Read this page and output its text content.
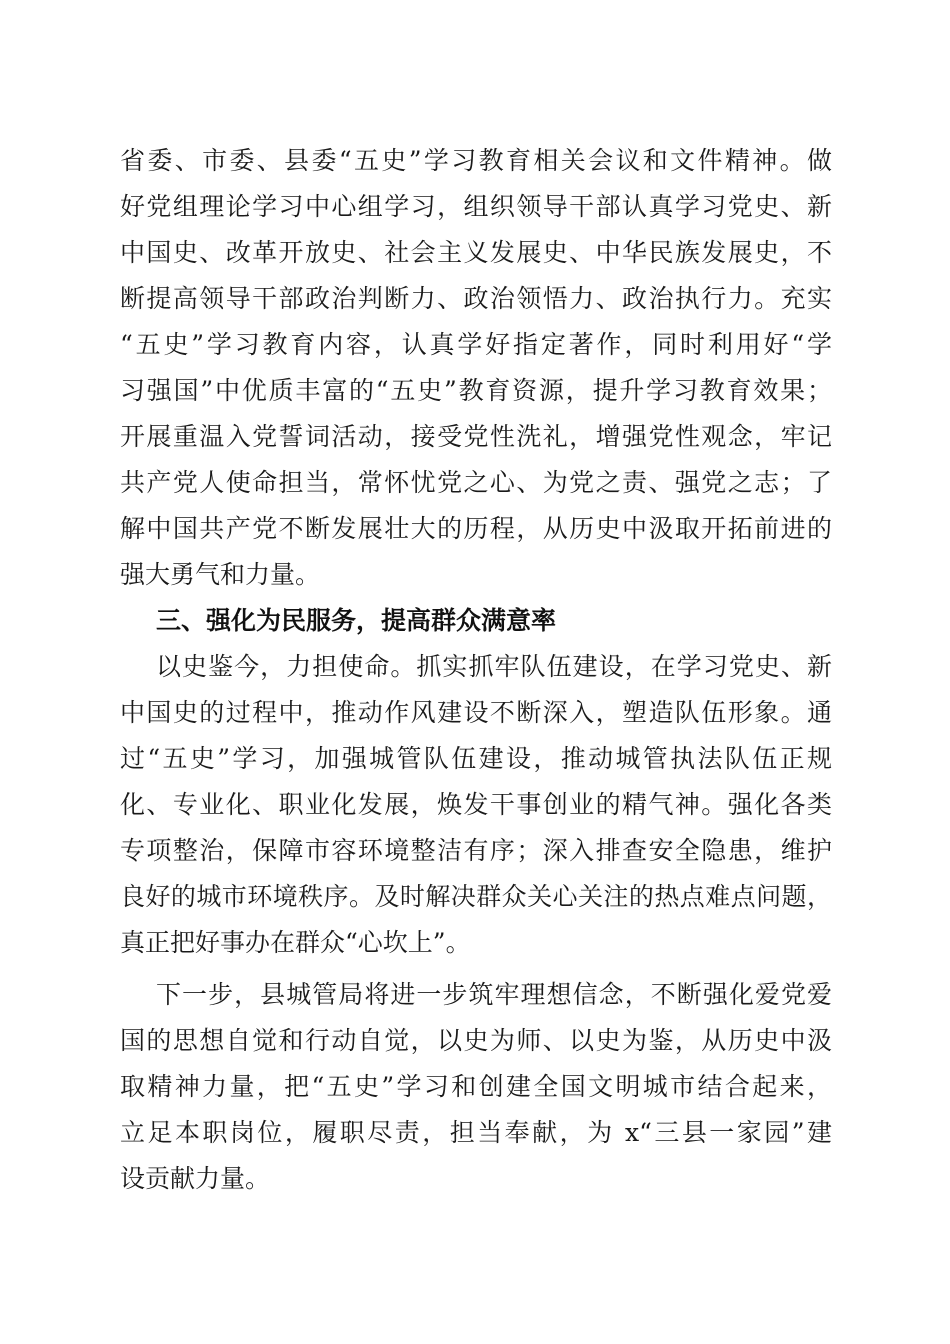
省委、市委、县委“五史”学习教育相关会议和文件精神。做
好党组理论学习中心组学习，组织领导干部认真学习党史、新
中国史、改革开放史、社会主义发展史、中华民族发展史，不
断提高领导干部政治判断力、政治领悟力、政治执行力。充实
“五史”学习教育内容，认真学好指定著作，同时利用好“学
习强国”中优质丰富的“五史”教育资源，提升学习教育效果；
开展重温入党誓词活动，接受党性洗礼，增强党性观念，牢记
共产党人使命担当，常怀忧党之心、为党之责、强党之志；了
解中国共产党不断发展壮大的历程，从历史中汲取开拓前进的
强大勇气和力量。
三、强化为民服务，提高群众满意率
以史鉴今，力担使命。抓实抓牢队伍建设，在学习党史、新
中国史的过程中，推动作风建设不断深入，塑造队伍形象。通
过“五史”学习，加强城管队伍建设，推动城管执法队伍正规
化、专业化、职业化发展，焕发干事创业的精气神。强化各类
专项整治，保障市容环境整洁有序；深入排查安全隐患，维护
良好的城市环境秩序。及时解决群众关心关注的热点难点问题，
真正把好事办在群众“心坎上”。
下一步，县城管局将进一步筑牢理想信念，不断强化爱党爱
国的思想自觉和行动自觉，以史为师、以史为鉴，从历史中汲
取精神力量，把“五史”学习和创建全国文明城市结合起来，
立足本职岗位，履职尽责，担当奉献，为 x“三县一家园”建
设贡献力量。
